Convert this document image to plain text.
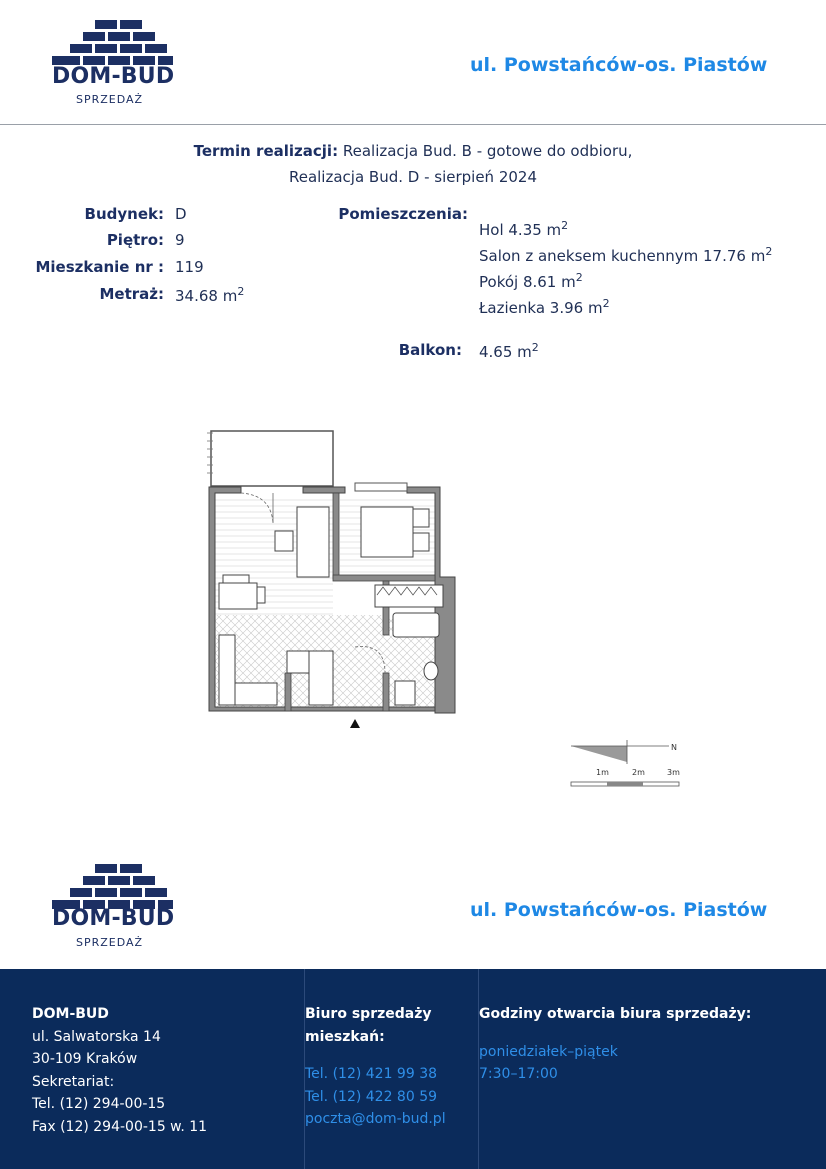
DOM-BUD
SPRZEDAŻ
ul. Powstańców-os. Piastów
Termin realizacji: Realizacja Bud. B - gotowe do odbioru,
Realizacja Bud. D - sierpień 2024
Budynek: D
Piętro: 9
Mieszkanie nr : 119
Metraż: 34.68 $m^2$
Pomieszczenia:
Hol 4.35 $m^2$
Salon z aneksem kuchennym 17.76 $m^2$
Pokój 8.61 $m^2$
Łazienka 3.96 $m^2$
Balkon: 4.65 $m^2$
N
1m	2m	3m
DOM-BUD
SPRZEDAŻ
ul. Powstańców-os. Piastów
DOM-BUD
ul. Salwatorska 14
30-109 Kraków
Sekretariat:
Tel. (12) 294-00-15
Fax (12) 294-00-15 w. 11
Biuro sprzedaży
mieszkań:
Tel. (12) 421 99 38
Tel. (12) 422 80 59
poczta@dom-bud.pl
Godziny otwarcia biura sprzedaży:
poniedziałek–piątek
7:30–17:00
